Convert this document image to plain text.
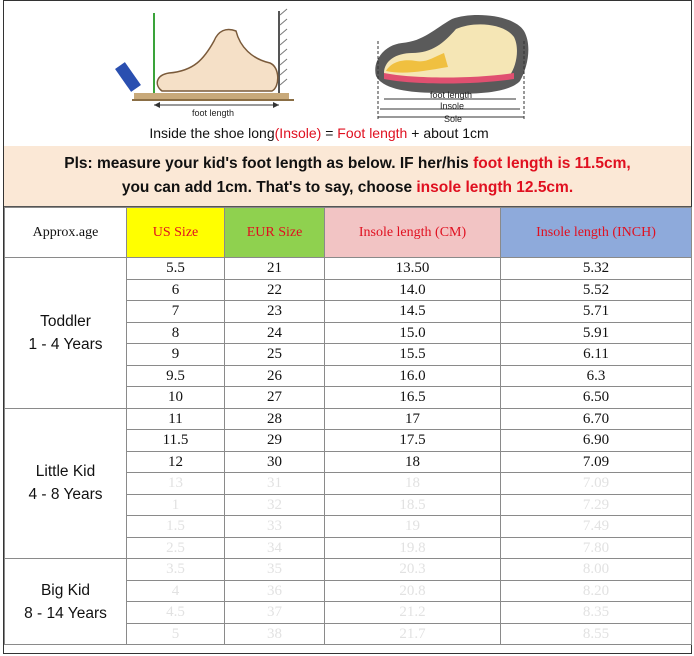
foot length
foot length
Insole
Sole
Inside the shoe long(Insole) = Foot length + about 1cm
Pls: measure your kid's foot length as below. IF her/his foot length is 11.5cm,
you can add 1cm. That's to say, choose insole length 12.5cm.
Approx.age	US Size	EUR Size	Insole length (CM)	Insole length (INCH)

Toddler
1 - 4 Years	5.5	21	13.50	5.32
	6	22	14.0	5.52
	7	23	14.5	5.71
	8	24	15.0	5.91
	9	25	15.5	6.11
	9.5	26	16.0	6.3
	10	27	16.5	6.50

Little Kid
4 - 8 Years	11	28	17	6.70
	11.5	29	17.5	6.90
	12	30	18	7.09
	13	31	18	7.09
	1	32	18.5	7.29
	1.5	33	19	7.49
	2.5	34	19.8	7.80

Big Kid
8 - 14 Years	3.5	35	20.3	8.00
	4	36	20.8	8.20
	4.5	37	21.2	8.35
	5	38	21.7	8.55
